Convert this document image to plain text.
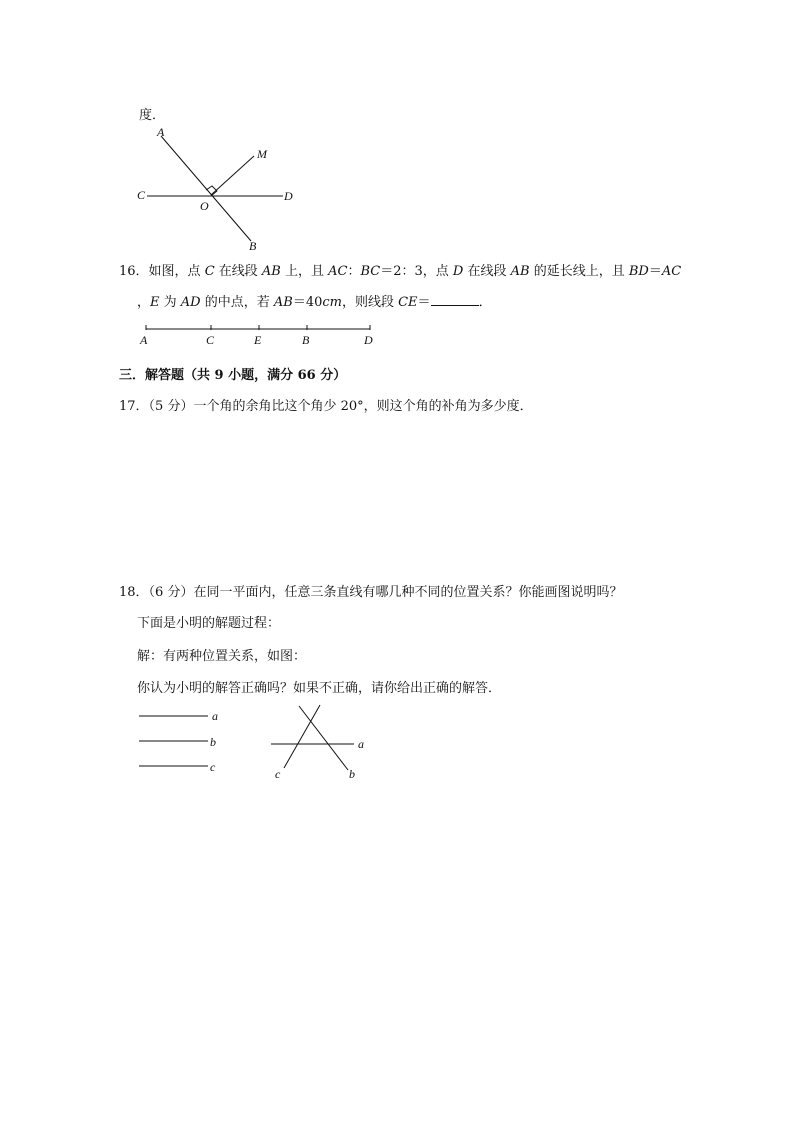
度．
A
M
C
O
D
B
16．如图，点 C 在线段 AB 上，且 AC：BC＝2：3，点 D 在线段 AB 的延长线上，且 BD＝AC
，E 为 AD 的中点，若 AB＝40cm，则线段 CE＝	．
A	C	E	B	D
三．解答题（共 9 小题，满分 66 分）
17．（5 分）一个角的余角比这个角少 20°，则这个角的补角为多少度．
18．（6 分）在同一平面内，任意三条直线有哪几种不同的位置关系？你能画图说明吗？
下面是小明的解题过程：
解：有两种位置关系，如图：
你认为小明的解答正确吗？如果不正确，请你给出正确的解答．
a
b
c
a
b
c
